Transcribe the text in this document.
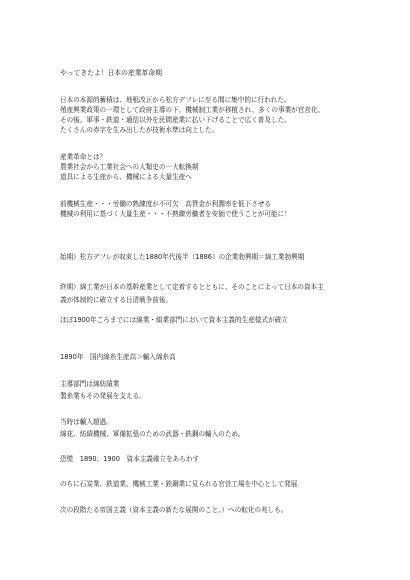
やってきたよ！日本の産業革命期
日本の本源的蓄積は、地租改正から松方デフレに至る間に集中的に行われた。
殖産興業政策の一環として政府主導の下、機械制工業が移植され、多くの事業が官営化。
その後、軍事・鉄道・通信以外を民間産業に払い下げることで広く普及した。
たくさんの赤字を生み出したが技術水準は向上した。
産業革命とは？
農業社会から工業社会への人類史の一大転換期
道具による生産から、機械による大量生産へ
前機械生産・・・労働の熟練度が不可欠　高賃金が利潤率を低下させる
機械の利用に基づく大量生産・・・不熟練労働者を安価で使うことが可能に！
始期）松方デフレが収束した1880年代後半（1886）の企業勃興期＝綿工業勃興期
終期）綿工業が日本の基幹産業として定着するとともに、そのことによって日本の資本主
義が体制的に確立する日清戦争前後。
ほぼ1900年ごろまでには綿業・絹業部門において資本主義的生産様式が確立
1890年　国内綿糸生産高＞輸入綿糸高
主導部門は綿紡績業
製糸業もその発展を支える。
当時は輸入超過。
綿花、紡績機械、軍備拡張のための武器・鉄鋼の輸入のため。
恐慌　1890、1900　資本主義確立をあらわす
のちに石炭業、鉄道業、機械工業・鉄鋼業に見られる官営工場を中心として発展
次の段階たる帝国主義（資本主義の新たな展開のこと。）への転化の兆しも。
